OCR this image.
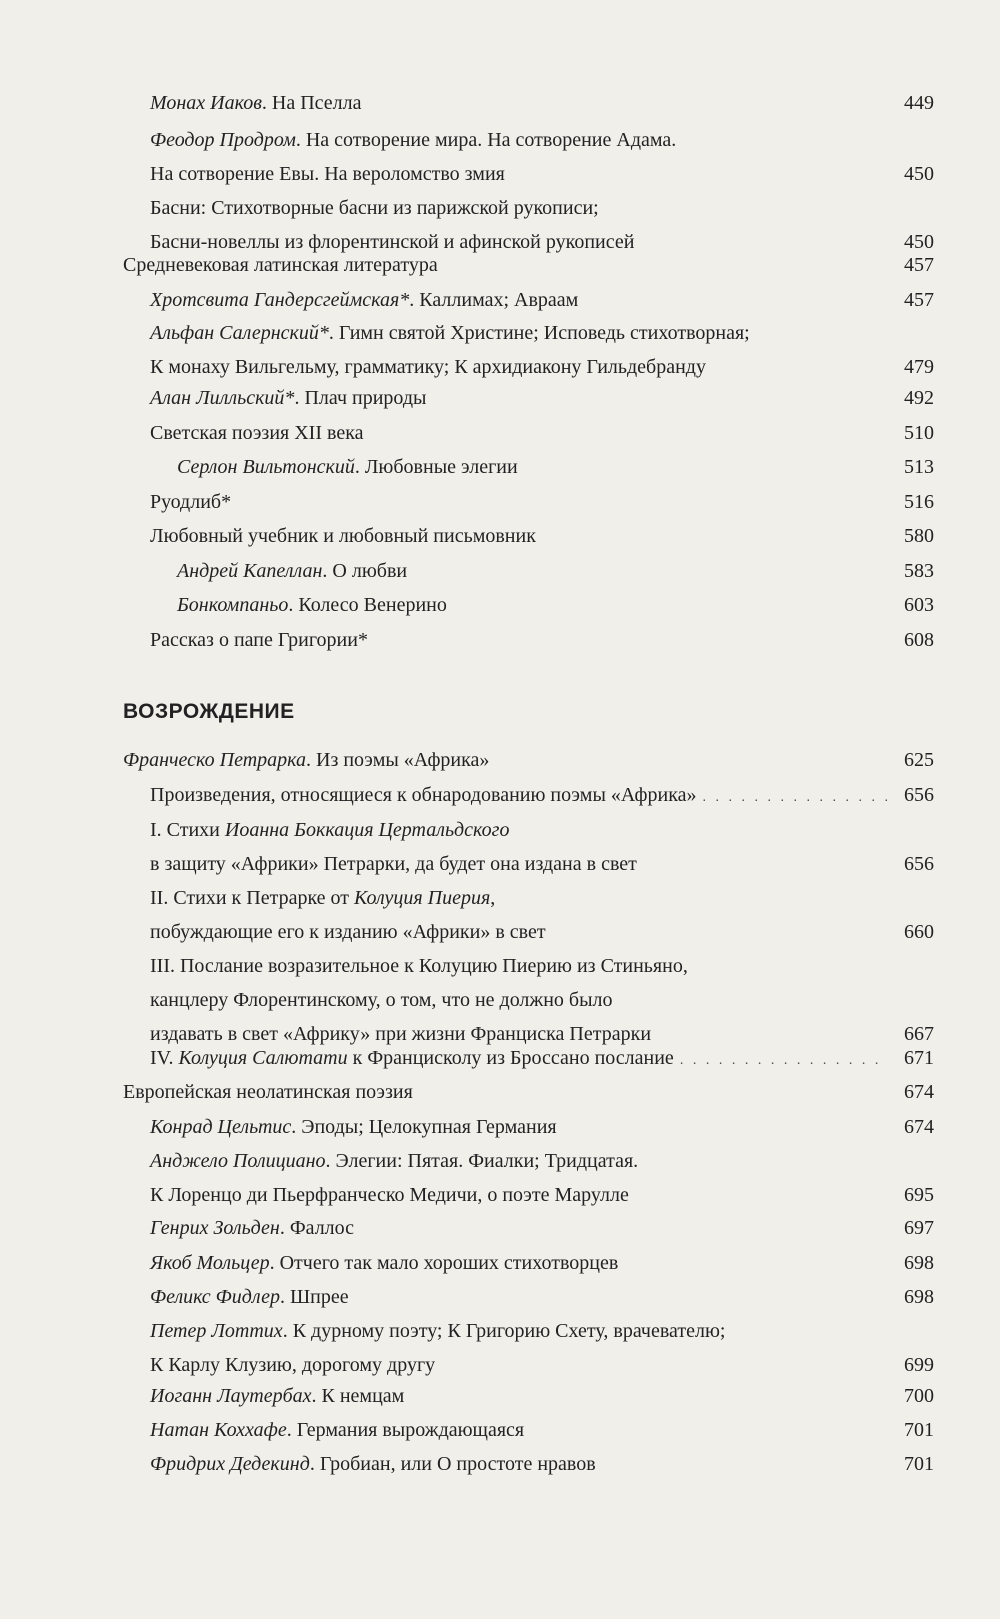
Монах Иаков. На Пселла	449
Феодор Продром. На сотворение мира. На сотворение Адама.
На сотворение Евы. На вероломство змия	450
Басни: Стихотворные басни из парижской рукописи;
Басни-новеллы из флорентинской и афинской рукописей	450
Средневековая латинская литература	457
Хротсвита Гандерсгеймская*. Каллимах; Авраам	457
Альфан Салернский*. Гимн святой Христине; Исповедь стихотворная;
К монаху Вильгельму, грамматику; К архидиакону Гильдебранду	479
Алан Лилльский*. Плач природы	492
Светская поэзия XII века	510
Серлон Вильтонский. Любовные элегии	513
Руодлиб*	516
Любовный учебник и любовный письмовник	580
Андрей Капеллан. О любви	583
Бонкомпаньо. Колесо Венерино	603
Рассказ о папе Григории*	608
Франческо Петрарка. Из поэмы «Африка»	625
Произведения, относящиеся к обнародованию поэмы «Африка» . . .	656
I. Стихи Иоанна Боккация Цертальдского
в защиту «Африки» Петрарки, да будет она издана в свет	656
II. Стихи к Петрарке от Колуция Пиерия,
побуждающие его к изданию «Африки» в свет	660
III. Послание возразительное к Колуцию Пиерию из Стиньяно,
канцлеру Флорентинскому, о том, что не должно было
издавать в свет «Африку» при жизни Франциска Петрарки	667
IV. Колуция Салютати к Францисколу из Броссано послание . . .	671
Европейская неолатинская поэзия	674
Конрад Цельтис. Эподы; Целокупная Германия	674
Анджело Полициано. Элегии: Пятая. Фиалки; Тридцатая.
К Лоренцо ди Пьерфранческо Медичи, о поэте Марулле	695
Генрих Зольден. Фаллос	697
Якоб Мольцер. Отчего так мало хороших стихотворцев	698
Феликс Фидлер. Шпрее	698
Петер Лоттих. К дурному поэту; К Григорию Схету, врачевателю;
К Карлу Клузию, дорогому другу	699
Иоганн Лаутербах. К немцам	700
Натан Коххафе. Германия вырождающаяся	701
Фридрих Дедекинд. Гробиан, или О простоте нравов	701
ВОЗРОЖДЕНИЕ
